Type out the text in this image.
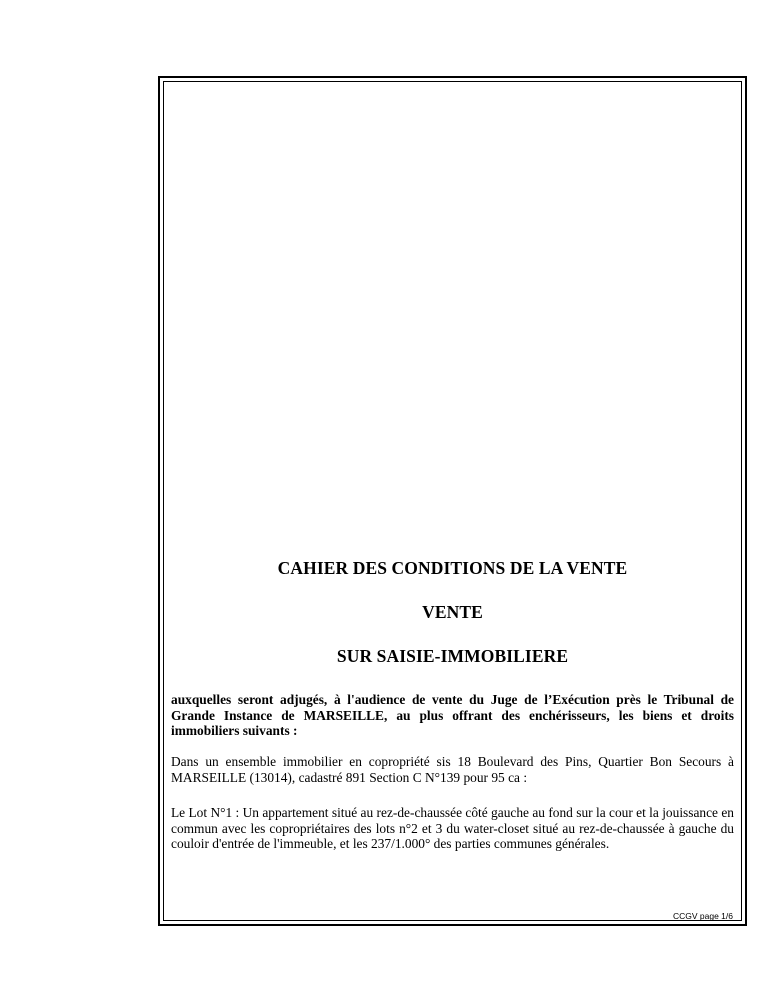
CAHIER DES CONDITIONS DE LA VENTE
VENTE
SUR SAISIE-IMMOBILIERE
auxquelles seront adjugés, à l'audience de vente du Juge de l’Exécution près le Tribunal de Grande Instance de MARSEILLE, au plus offrant des enchérisseurs, les biens et droits immobiliers suivants :
Dans un ensemble immobilier en copropriété sis 18 Boulevard des Pins, Quartier Bon Secours à MARSEILLE (13014), cadastré 891 Section C N°139 pour 95 ca :
Le Lot N°1 : Un appartement situé au rez-de-chaussée côté gauche au fond sur la cour et la jouissance en commun avec les copropriétaires des lots n°2 et 3 du water-closet situé au rez-de-chaussée à gauche du couloir d'entrée de l'immeuble, et les 237/1.000° des parties communes générales.
CCGV page 1/6
